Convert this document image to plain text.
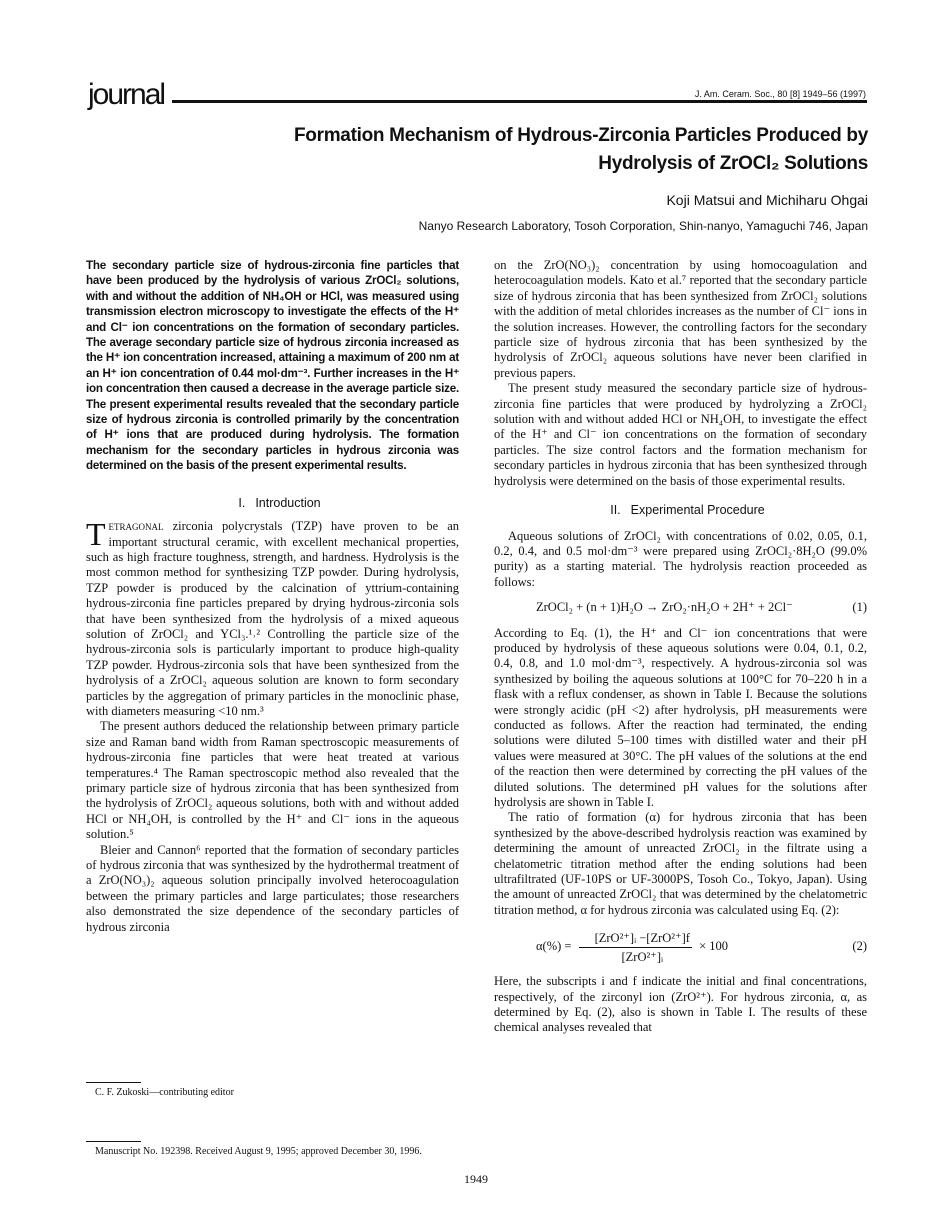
journal	J. Am. Ceram. Soc., 80 [8] 1949–56 (1997)
Formation Mechanism of Hydrous-Zirconia Particles Produced by
Hydrolysis of ZrOCl₂ Solutions
Koji Matsui and Michiharu Ohgai
Nanyo Research Laboratory, Tosoh Corporation, Shin-nanyo, Yamaguchi 746, Japan

The secondary particle size of hydrous-zirconia fine particles that have been produced by the hydrolysis of various ZrOCl₂ solutions, with and without the addition of NH₄OH or HCl, was measured using transmission electron microscopy to investigate the effects of the H⁺ and Cl⁻ ion concentrations on the formation of secondary particles. The average secondary particle size of hydrous zirconia increased as the H⁺ ion concentration increased, attaining a maximum of 200 nm at an H⁺ ion concentration of 0.44 mol·dm⁻³. Further increases in the H⁺ ion concentration then caused a decrease in the average particle size. The present experimental results revealed that the secondary particle size of hydrous zirconia is controlled primarily by the concentration of H⁺ ions that are produced during hydrolysis. The formation mechanism for the secondary particles in hydrous zirconia was determined on the basis of the present experimental results.

I. Introduction

Tetragonal zirconia polycrystals (TZP) have proven to be an important structural ceramic, with excellent mechanical properties, such as high fracture toughness, strength, and hardness. Hydrolysis is the most common method for synthesizing TZP powder. During hydrolysis, TZP powder is produced by the calcination of yttrium-containing hydrous-zirconia fine particles prepared by drying hydrous-zirconia sols that have been synthesized from the hydrolysis of a mixed aqueous solution of ZrOCl₂ and YCl₃.¹˒² Controlling the particle size of the hydrous-zirconia sols is particularly important to produce high-quality TZP powder. Hydrous-zirconia sols that have been synthesized from the hydrolysis of a ZrOCl₂ aqueous solution are known to form secondary particles by the aggregation of primary particles in the monoclinic phase, with diameters measuring <10 nm.³

The present authors deduced the relationship between primary particle size and Raman band width from Raman spectroscopic measurements of hydrous-zirconia fine particles that were heat treated at various temperatures.⁴ The Raman spectroscopic method also revealed that the primary particle size of hydrous zirconia that has been synthesized from the hydrolysis of ZrOCl₂ aqueous solutions, both with and without added HCl or NH₄OH, is controlled by the H⁺ and Cl⁻ ions in the aqueous solution.⁵

Bleier and Cannon⁶ reported that the formation of secondary particles of hydrous zirconia that was synthesized by the hydrothermal treatment of a ZrO(NO₃)₂ aqueous solution principally involved heterocoagulation between the primary particles and large particulates; those researchers also demonstrated the size dependence of the secondary particles of hydrous zirconia

on the ZrO(NO₃)₂ concentration by using homocoagulation and heterocoagulation models. Kato et al.⁷ reported that the secondary particle size of hydrous zirconia that has been synthesized from ZrOCl₂ solutions with the addition of metal chlorides increases as the number of Cl⁻ ions in the solution increases. However, the controlling factors for the secondary particle size of hydrous zirconia that has been synthesized by the hydrolysis of ZrOCl₂ aqueous solutions have never been clarified in previous papers.

The present study measured the secondary particle size of hydrous-zirconia fine particles that were produced by hydrolyzing a ZrOCl₂ solution with and without added HCl or NH₄OH, to investigate the effect of the H⁺ and Cl⁻ ion concentrations on the formation of secondary particles. The size control factors and the formation mechanism for secondary particles in hydrous zirconia that has been synthesized through hydrolysis were determined on the basis of those experimental results.

II. Experimental Procedure

Aqueous solutions of ZrOCl₂ with concentrations of 0.02, 0.05, 0.1, 0.2, 0.4, and 0.5 mol·dm⁻³ were prepared using ZrOCl₂·8H₂O (99.0% purity) as a starting material. The hydrolysis reaction proceeded as follows:

ZrOCl₂ + (n + 1)H₂O → ZrO₂·nH₂O + 2H⁺ + 2Cl⁻	(1)

According to Eq. (1), the H⁺ and Cl⁻ ion concentrations that were produced by hydrolysis of these aqueous solutions were 0.04, 0.1, 0.2, 0.4, 0.8, and 1.0 mol·dm⁻³, respectively. A hydrous-zirconia sol was synthesized by boiling the aqueous solutions at 100°C for 70–220 h in a flask with a reflux condenser, as shown in Table I. Because the solutions were strongly acidic (pH <2) after hydrolysis, pH measurements were conducted as follows. After the reaction had terminated, the ending solutions were diluted 5–100 times with distilled water and their pH values were measured at 30°C. The pH values of the solutions at the end of the reaction then were determined by correcting the pH values of the diluted solutions. The determined pH values for the solutions after hydrolysis are shown in Table I.

The ratio of formation (α) for hydrous zirconia that has been synthesized by the above-described hydrolysis reaction was examined by determining the amount of unreacted ZrOCl₂ in the filtrate using a chelatometric titration method after the ending solutions had been ultrafiltrated (UF-10PS or UF-3000PS, Tosoh Co., Tokyo, Japan). Using the amount of unreacted ZrOCl₂ that was determined by the chelatometric titration method, α for hydrous zirconia was calculated using Eq. (2):

$\alpha(\%) = \frac{\text{[ZrO²⁺]ᵢ −[ZrO²⁺]f}}{\text{[ZrO²⁺]ᵢ}} \times 100$	(2)

Here, the subscripts i and f indicate the initial and final concentrations, respectively, of the zirconyl ion (ZrO²⁺). For hydrous zirconia, α, as determined by Eq. (2), also is shown in Table I. The results of these chemical analyses revealed that

C. F. Zukoski—contributing editor
Manuscript No. 192398. Received August 9, 1995; approved December 30, 1996.
1949
